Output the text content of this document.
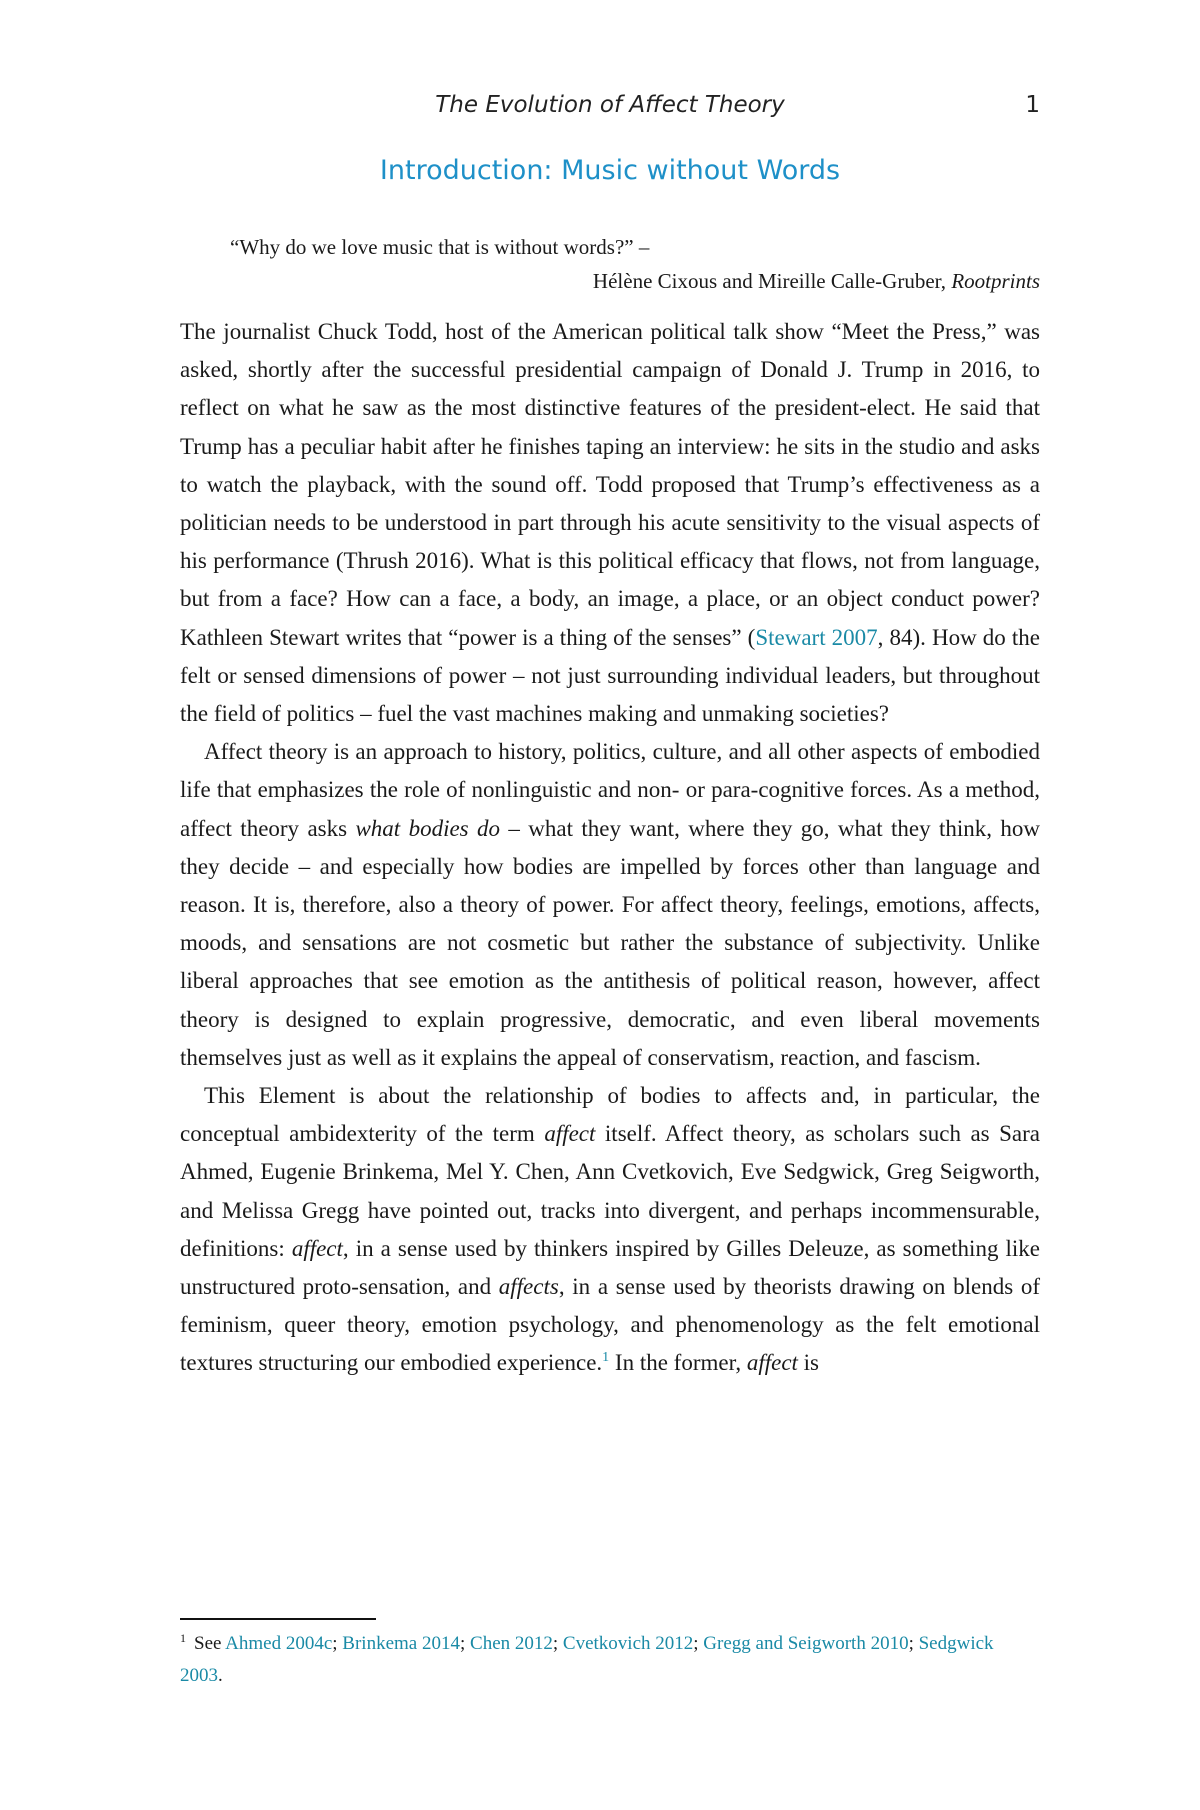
The Evolution of Affect Theory	1
Introduction: Music without Words
“Why do we love music that is without words?” –
Hélène Cixous and Mireille Calle-Gruber, Rootprints

The journalist Chuck Todd, host of the American political talk show “Meet the Press,” was asked, shortly after the successful presidential campaign of Donald J. Trump in 2016, to reflect on what he saw as the most distinctive features of the president-elect. He said that Trump has a peculiar habit after he finishes taping an interview: he sits in the studio and asks to watch the playback, with the sound off. Todd proposed that Trump’s effectiveness as a politician needs to be understood in part through his acute sensitivity to the visual aspects of his performance (Thrush 2016). What is this political efficacy that flows, not from language, but from a face? How can a face, a body, an image, a place, or an object conduct power? Kathleen Stewart writes that “power is a thing of the senses” (Stewart 2007, 84). How do the felt or sensed dimensions of power – not just surrounding individual leaders, but throughout the field of politics – fuel the vast machines making and unmaking societies?

Affect theory is an approach to history, politics, culture, and all other aspects of embodied life that emphasizes the role of nonlinguistic and non- or para-cognitive forces. As a method, affect theory asks what bodies do – what they want, where they go, what they think, how they decide – and especially how bodies are impelled by forces other than language and reason. It is, therefore, also a theory of power. For affect theory, feelings, emotions, affects, moods, and sensations are not cosmetic but rather the substance of subjectivity. Unlike liberal approaches that see emotion as the antithesis of political reason, however, affect theory is designed to explain progressive, democratic, and even liberal movements themselves just as well as it explains the appeal of conservatism, reaction, and fascism.

This Element is about the relationship of bodies to affects and, in particular, the conceptual ambidexterity of the term affect itself. Affect theory, as scholars such as Sara Ahmed, Eugenie Brinkema, Mel Y. Chen, Ann Cvetkovich, Eve Sedgwick, Greg Seigworth, and Melissa Gregg have pointed out, tracks into divergent, and perhaps incommensurable, definitions: affect, in a sense used by thinkers inspired by Gilles Deleuze, as something like unstructured proto-sensation, and affects, in a sense used by theorists drawing on blends of feminism, queer theory, emotion psychology, and phenomenology as the felt emotional textures structuring our embodied experience.$^1$ In the former, affect is

$^1$ See Ahmed 2004c; Brinkema 2014; Chen 2012; Cvetkovich 2012; Gregg and Seigworth 2010; Sedgwick 2003.
